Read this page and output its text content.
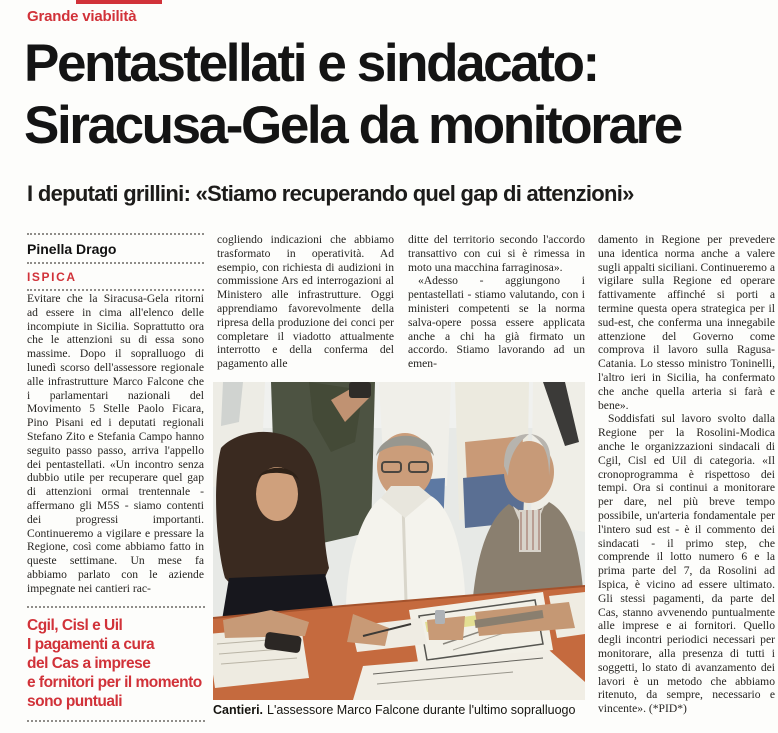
Grande viabilità
Pentastellati e sindacato:
Siracusa-Gela da monitorare
I deputati grillini: «Stiamo recuperando quel gap di attenzioni»
Pinella Drago
ISPICA

Evitare che la Siracusa-Gela ritorni ad essere in cima all'elenco delle incompiute in Sicilia. Soprattutto ora che le attenzioni su di essa sono massime. Dopo il sopralluogo di lunedì scorso dell'assessore regionale alle infrastrutture Marco Falcone che i parlamentari nazionali del Movimento 5 Stelle Paolo Ficara, Pino Pisani ed i deputati regionali Stefano Zito e Stefania Campo hanno seguito passo passo, arriva l'appello dei pentastellati. «Un incontro senza dubbio utile per recuperare quel gap di attenzioni ormai trentennale - affermano gli M5S - siamo contenti dei progressi importanti. Continueremo a vigilare e pressare la Regione, così come abbiamo fatto in queste settimane. Un mese fa abbiamo parlato con le aziende impegnate nei cantieri rac-

cogliendo indicazioni che abbiamo trasformato in operatività. Ad esempio, con richiesta di audizioni in commissione Ars ed interrogazioni al Ministero alle infrastrutture. Oggi apprendiamo favorevolmente della ripresa della produzione dei conci per completare il viadotto attualmente interrotto e della conferma del pagamento alle

ditte del territorio secondo l'accordo transattivo con cui si è rimessa in moto una macchina farraginosa».

«Adesso - aggiungono i pentastellati - stiamo valutando, con i ministeri competenti se la norma salva-opere possa essere applicata anche a chi ha già firmato un accordo. Stiamo lavorando ad un emen-

damento in Regione per prevedere una identica norma anche a valere sugli appalti siciliani. Continueremo a vigilare sulla Regione ed operare fattivamente affinché si porti a termine questa opera strategica per il sud-est, che conferma una innegabile attenzione del Governo come comprova il lavoro sulla Ragusa-Catania. Lo stesso ministro Toninelli, l'altro ieri in Sicilia, ha confermato che anche quella arteria si farà e bene».

Soddisfati sul lavoro svolto dalla Regione per la Rosolini-Modica anche le organizzazioni sindacali di Cgil, Cisl ed Uil di categoria. «Il cronoprogramma è rispettoso dei tempi. Ora si continui a monitorare per dare, nel più breve tempo possibile, un'arteria fondamentale per l'intero sud est - è il commento dei sindacati - il primo step, che comprende il lotto numero 6 e la prima parte del 7, da Rosolini ad Ispica, è vicino ad essere ultimato. Gli stessi pagamenti, da parte del Cas, stanno avvenendo puntualmente alle imprese e ai fornitori. Quello degli incontri periodici necessari per monitorare, alla presenza di tutti i soggetti, lo stato di avanzamento dei lavori è un metodo che abbiamo ritenuto, da sempre, necessario e vincente». (*PID*)

Cgil, Cisl e Uil
I pagamenti a cura
del Cas a imprese
e fornitori per il momento
sono puntuali	Cantieri. L'assessore Marco Falcone durante l'ultimo sopralluogo
